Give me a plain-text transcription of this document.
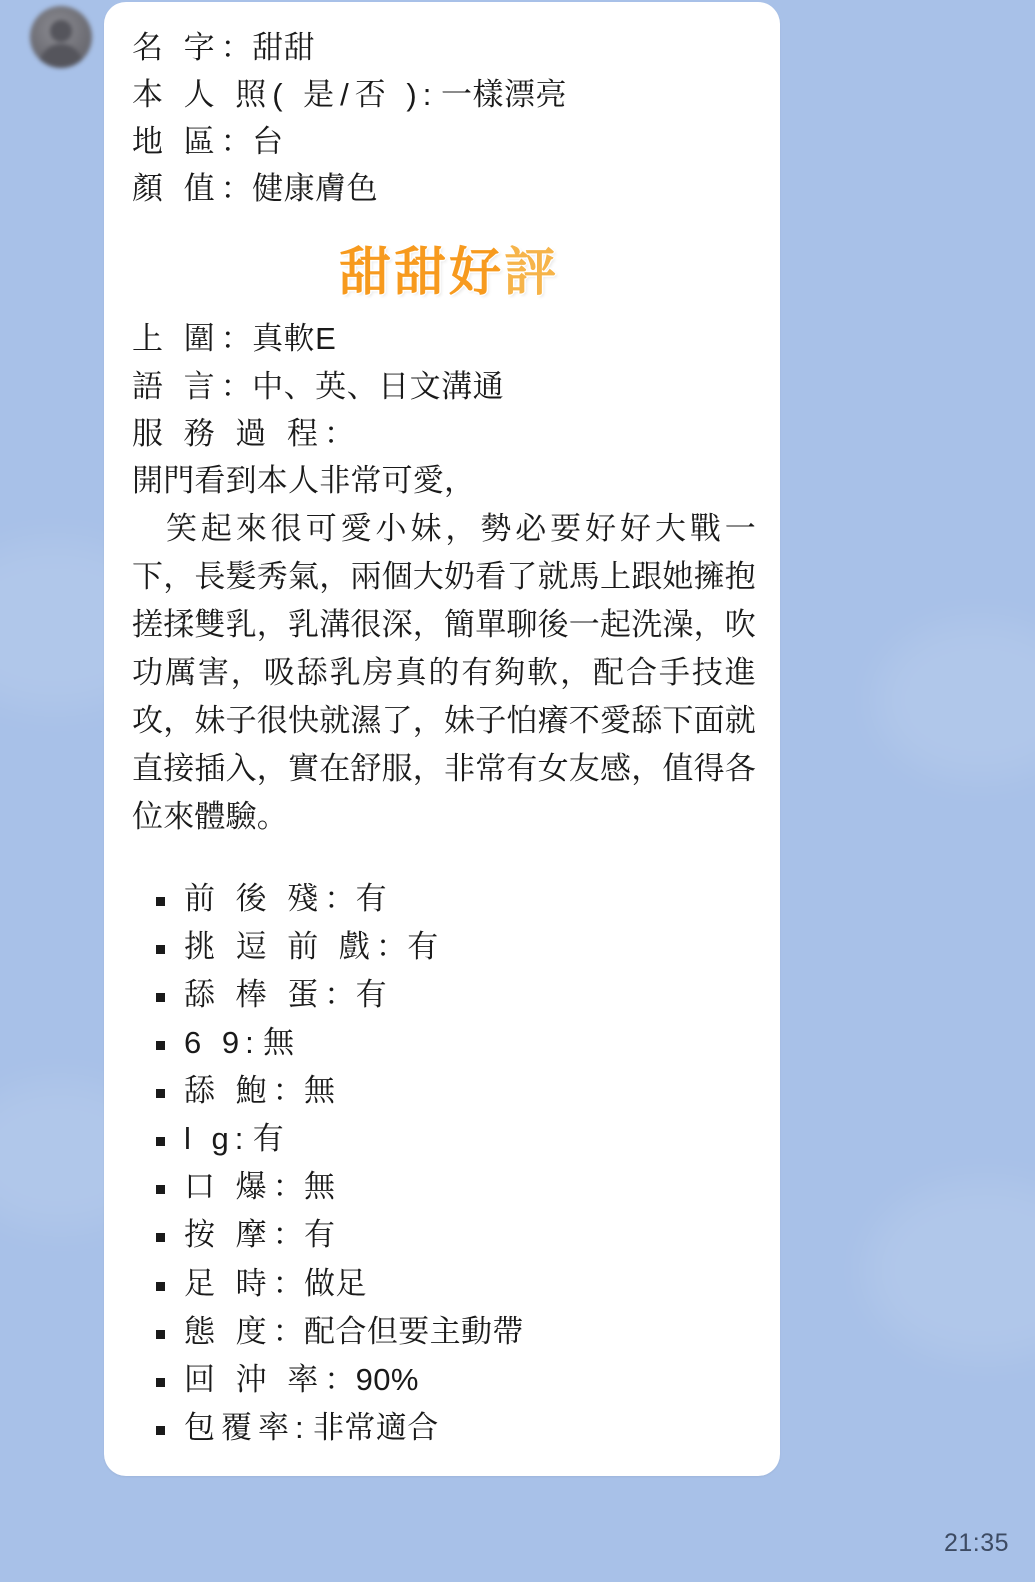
名 字：甜甜
本 人 照( 是/否 ): 一樣漂亮
地 區：台
顏 值：健康膚色
甜甜好評
上 圍：真軟E
語 言：中、英、日文溝通
服 務 過 程：

開門看到本人非常可愛，

笑起來很可愛小妹，勢必要好好大戰一下，長髮秀氣，兩個大奶看了就馬上跟她擁抱搓揉雙乳，乳溝很深，簡單聊後一起洗澡，吹功厲害，吸舔乳房真的有夠軟，配合手技進攻，妹子很快就濕了，妹子怕癢不愛舔下面就直接插入，實在舒服，非常有女友感，值得各位來體驗。

前 後 殘：有
挑 逗 前 戲：有
舔 棒 蛋：有
6 9: 無
舔 鮑：無
l g: 有
口 爆：無
按 摩：有
足 時：做足
態 度：配合但要主動帶
回 沖 率：90%
包覆率: 非常適合
21:35
